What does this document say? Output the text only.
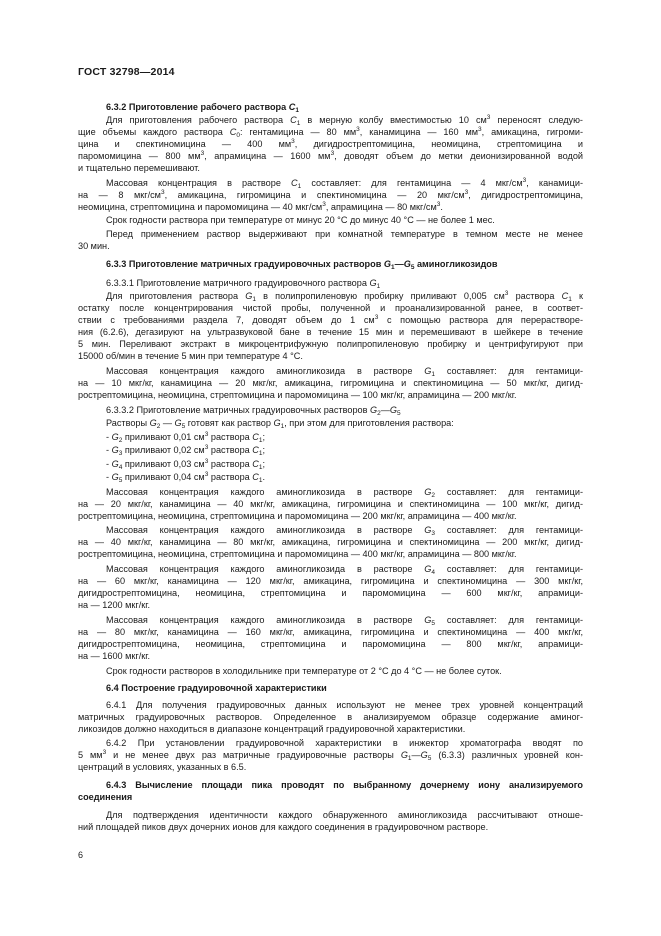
ГОСТ 32798—2014
6.3.2 Приготовление рабочего раствора $С_1$
Для приготовления рабочего раствора $С_1$ в мерную колбу вместимостью 10 $см^3$ переносят следую-
щие объемы каждого раствора $С_0$: гентамицина — 80 $мм^3$, канамицина — 160 $мм^3$, амикацина, гигроми-
цина и спектиномицина — 400 $мм^3$, дигидрострептомицина, неомицина, стрептомицина и
паромомицина — 800 $мм^3$, апрамицина — 1600 $мм^3$, доводят объем до метки деионизированной водой
и тщательно перемешивают.
Массовая концентрация в растворе $С_1$ составляет: для гентамицина — 4 мкг/$см^3$, канамици-
на — 8 мкг/$см^3$, амикацина, гигромицина и спектиномицина — 20 мкг/$см^3$, дигидрострептомицина,
неомицина, стрептомицина и паромомицина — 40 мкг/$см^3$, апрамицина — 80 мкг/$см^3$.
Срок годности раствора при температуре от минус 20 °С до минус 40 °С — не более 1 мес.
Перед применением раствор выдерживают при комнатной температуре в темном месте не менее
30 мин.
6.3.3 Приготовление матричных градуировочных растворов $G_1—G_5$ аминогликозидов
6.3.3.1 Приготовление матричного градуировочного раствора $G_1$
Для приготовления раствора $G_1$ в полипропиленовую пробирку приливают 0,005 $см^3$ раствора $С_1$ к
остатку после концентрирования чистой пробы, полученной и проанализированной ранее, в соответ-
ствии с требованиями раздела 7, доводят объем до 1 $см^3$ с помощью раствора для перерастворе-
ния (6.2.6), дегазируют на ультразвуковой бане в течение 15 мин и перемешивают в шейкере в течение
5 мин. Переливают экстракт в микроцентрифужную полипропиленовую пробирку и центрифугируют при
15000 об/мин в течение 5 мин при температуре 4 °С.
Массовая концентрация каждого аминогликозида в растворе $G_1$ составляет: для гентамици-
на — 10 мкг/кг, канамицина — 20 мкг/кг, амикацина, гигромицина и спектиномицина — 50 мкг/кг, дигид-
рострептомицина, неомицина, стрептомицина и паромомицина — 100 мкг/кг, апрамицина — 200 мкг/кг.
6.3.3.2 Приготовление матричных градуировочных растворов $G_2—G_5$
Растворы $G_2$ — $G_5$ готовят как раствор $G_1$, при этом для приготовления раствора:
- $G_2$ приливают 0,01 $см^3$ раствора $С_1$;
- $G_3$ приливают 0,02 $см^3$ раствора $С_1$;
- $G_4$ приливают 0,03 $см^3$ раствора $С_1$;
- $G_5$ приливают 0,04 $см^3$ раствора $С_1$.
Массовая концентрация каждого аминогликозида в растворе $G_2$ составляет: для гентамици-
на — 20 мкг/кг, канамицина — 40 мкг/кг, амикацина, гигромицина и спектиномицина — 100 мкг/кг, дигид-
рострептомицина, неомицина, стрептомицина и паромомицина — 200 мкг/кг, апрамицина — 400 мкг/кг.
Массовая концентрация каждого аминогликозида в растворе $G_3$ составляет: для гентамици-
на — 40 мкг/кг, канамицина — 80 мкг/кг, амикацина, гигромицина и спектиномицина — 200 мкг/кг, дигид-
рострептомицина, неомицина, стрептомицина и паромомицина — 400 мкг/кг, апрамицина — 800 мкг/кг.
Массовая концентрация каждого аминогликозида в растворе $G_4$ составляет: для гентамици-
на — 60 мкг/кг, канамицина — 120 мкг/кг, амикацина, гигромицина и спектиномицина — 300 мкг/кг,
дигидрострептомицина, неомицина, стрептомицина и паромомицина — 600 мкг/кг, апрамици-
на — 1200 мкг/кг.
Массовая концентрация каждого аминогликозида в растворе $G_5$ составляет: для гентамици-
на — 80 мкг/кг, канамицина — 160 мкг/кг, амикацина, гигромицина и спектиномицина — 400 мкг/кг,
дигидрострептомицина, неомицина, стрептомицина и паромомицина — 800 мкг/кг, апрамици-
на — 1600 мкг/кг.
Срок годности растворов в холодильнике при температуре от 2 °С до 4 °С — не более суток.
6.4 Построение градуировочной характеристики
6.4.1 Для получения градуировочных данных используют не менее трех уровней концентраций
матричных градуировочных растворов. Определенное в анализируемом образце содержание аминог-
ликозидов должно находиться в диапазоне концентраций градуировочной характеристики.
6.4.2 При установлении градуировочной характеристики в инжектор хроматографа вводят по
5 $мм^3$ и не менее двух раз матричные градуировочные растворы $G_1—G_5$ (6.3.3) различных уровней кон-
центраций в условиях, указанных в 6.5.
6.4.3 Вычисление площади пика проводят по выбранному дочернему иону анализируемого
соединения
Для подтверждения идентичности каждого обнаруженного аминогликозида рассчитывают отноше-
ний площадей пиков двух дочерних ионов для каждого соединения в градуировочном растворе.
6
